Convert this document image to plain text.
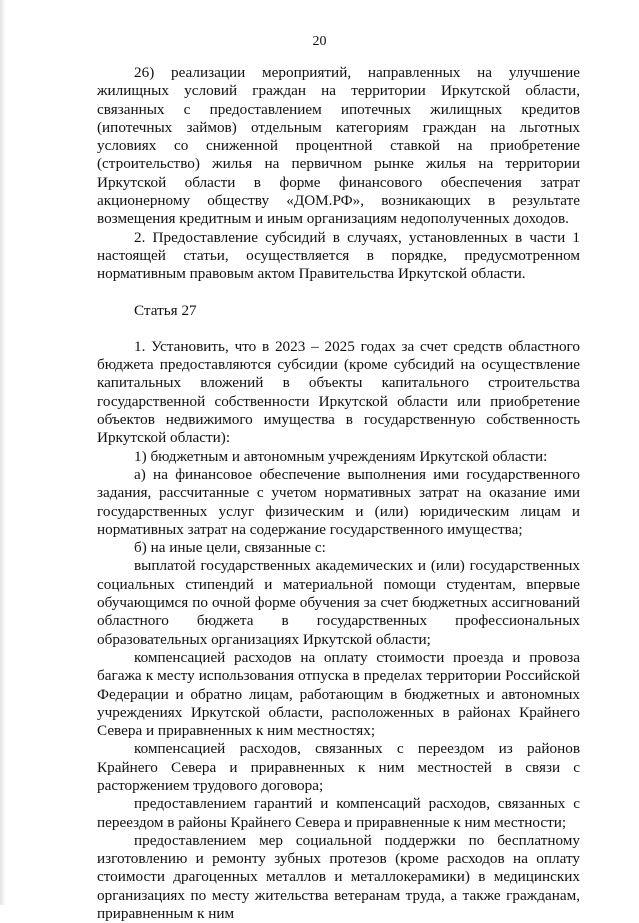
20

26) реализации мероприятий, направленных на улучшение жилищных условий граждан на территории Иркутской области, связанных с предоставлением ипотечных жилищных кредитов (ипотечных займов) отдельным категориям граждан на льготных условиях со сниженной процентной ставкой на приобретение (строительство) жилья на первичном рынке жилья на территории Иркутской области в форме финансового обеспечения затрат акционерному обществу «ДОМ.РФ», возникающих в результате возмещения кредитным и иным организациям недополученных доходов.

2. Предоставление субсидий в случаях, установленных в части 1 настоящей статьи, осуществляется в порядке, предусмотренном нормативным правовым актом Правительства Иркутской области.

Статья 27

1. Установить, что в 2023 – 2025 годах за счет средств областного бюджета предоставляются субсидии (кроме субсидий на осуществление капитальных вложений в объекты капитального строительства государственной собственности Иркутской области или приобретение объектов недвижимого имущества в государственную собственность Иркутской области):

1) бюджетным и автономным учреждениям Иркутской области:

а) на финансовое обеспечение выполнения ими государственного задания, рассчитанные с учетом нормативных затрат на оказание ими государственных услуг физическим и (или) юридическим лицам и нормативных затрат на содержание государственного имущества;

б) на иные цели, связанные с:

выплатой государственных академических и (или) государственных социальных стипендий и материальной помощи студентам, впервые обучающимся по очной форме обучения за счет бюджетных ассигнований областного бюджета в государственных профессиональных образовательных организациях Иркутской области;

компенсацией расходов на оплату стоимости проезда и провоза багажа к месту использования отпуска в пределах территории Российской Федерации и обратно лицам, работающим в бюджетных и автономных учреждениях Иркутской области, расположенных в районах Крайнего Севера и приравненных к ним местностях;

компенсацией расходов, связанных с переездом из районов Крайнего Севера и приравненных к ним местностей в связи с расторжением трудового договора;

предоставлением гарантий и компенсаций расходов, связанных с переездом в районы Крайнего Севера и приравненные к ним местности;

предоставлением мер социальной поддержки по бесплатному изготовлению и ремонту зубных протезов (кроме расходов на оплату стоимости драгоценных металлов и металлокерамики) в медицинских организациях по месту жительства ветеранам труда, а также гражданам, приравненным к ним
